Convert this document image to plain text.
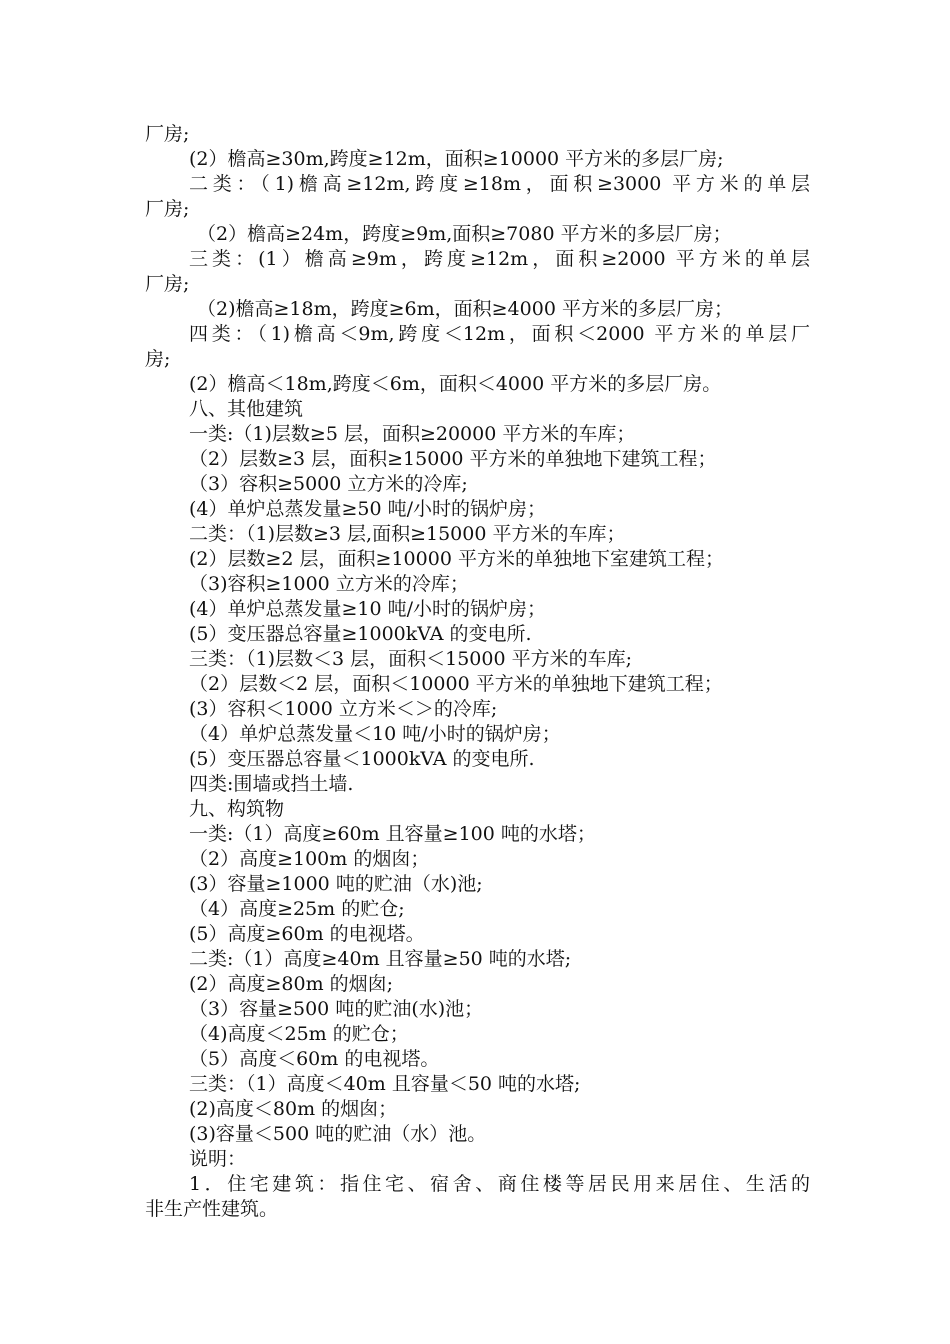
厂房;
(2）檐高≥30m,跨度≥12m，面积≥10000 平方米的多层厂房;
二类：（1)檐高≥12m,跨度≥18m，面积≥3000 平方米的单层
厂房;
（2）檐高≥24m，跨度≥9m,面积≥7080 平方米的多层厂房；
三类：(1）檐高≥9m，跨度≥12m，面积≥2000 平方米的单层
厂房;
（2)檐高≥18m，跨度≥6m，面积≥4000 平方米的多层厂房；
四类：（1)檐高＜9m,跨度＜12m，面积＜2000 平方米的单层厂
房;
(2）檐高＜18m,跨度＜6m，面积＜4000 平方米的多层厂房。
八、其他建筑
一类:（1)层数≥5 层，面积≥20000 平方米的车库；
（2）层数≥3 层，面积≥15000 平方米的单独地下建筑工程；
（3）容积≥5000 立方米的冷库;
(4）单炉总蒸发量≥50 吨/小时的锅炉房；
二类：（1)层数≥3 层,面积≥15000 平方米的车库；
(2）层数≥2 层，面积≥10000 平方米的单独地下室建筑工程；
（3)容积≥1000 立方米的冷库；
(4）单炉总蒸发量≥10 吨/小时的锅炉房；
(5）变压器总容量≥1000kVA 的变电所.
三类：（1)层数＜3 层，面积＜15000 平方米的车库;
（2）层数＜2 层，面积＜10000 平方米的单独地下建筑工程；
(3）容积＜1000 立方米＜＞的冷库;
（4）单炉总蒸发量＜10 吨/小时的锅炉房；
(5）变压器总容量＜1000kVA 的变电所.
四类:围墙或挡土墙.
九、构筑物
一类:（1）高度≥60m 且容量≥100 吨的水塔；
（2）高度≥100m 的烟囱；
(3）容量≥1000 吨的贮油（水)池;
（4）高度≥25m 的贮仓;
(5）高度≥60m 的电视塔。
二类:（1）高度≥40m 且容量≥50 吨的水塔;
(2）高度≥80m 的烟囱;
（3）容量≥500 吨的贮油(水)池；
（4)高度＜25m 的贮仓；
（5）高度＜60m 的电视塔。
三类：（1）高度＜40m 且容量＜50 吨的水塔;
(2)高度＜80m 的烟囱；
(3)容量＜500 吨的贮油（水）池。
说明：
1．住宅建筑：指住宅、宿舍、商住楼等居民用来居住、生活的
非生产性建筑。
